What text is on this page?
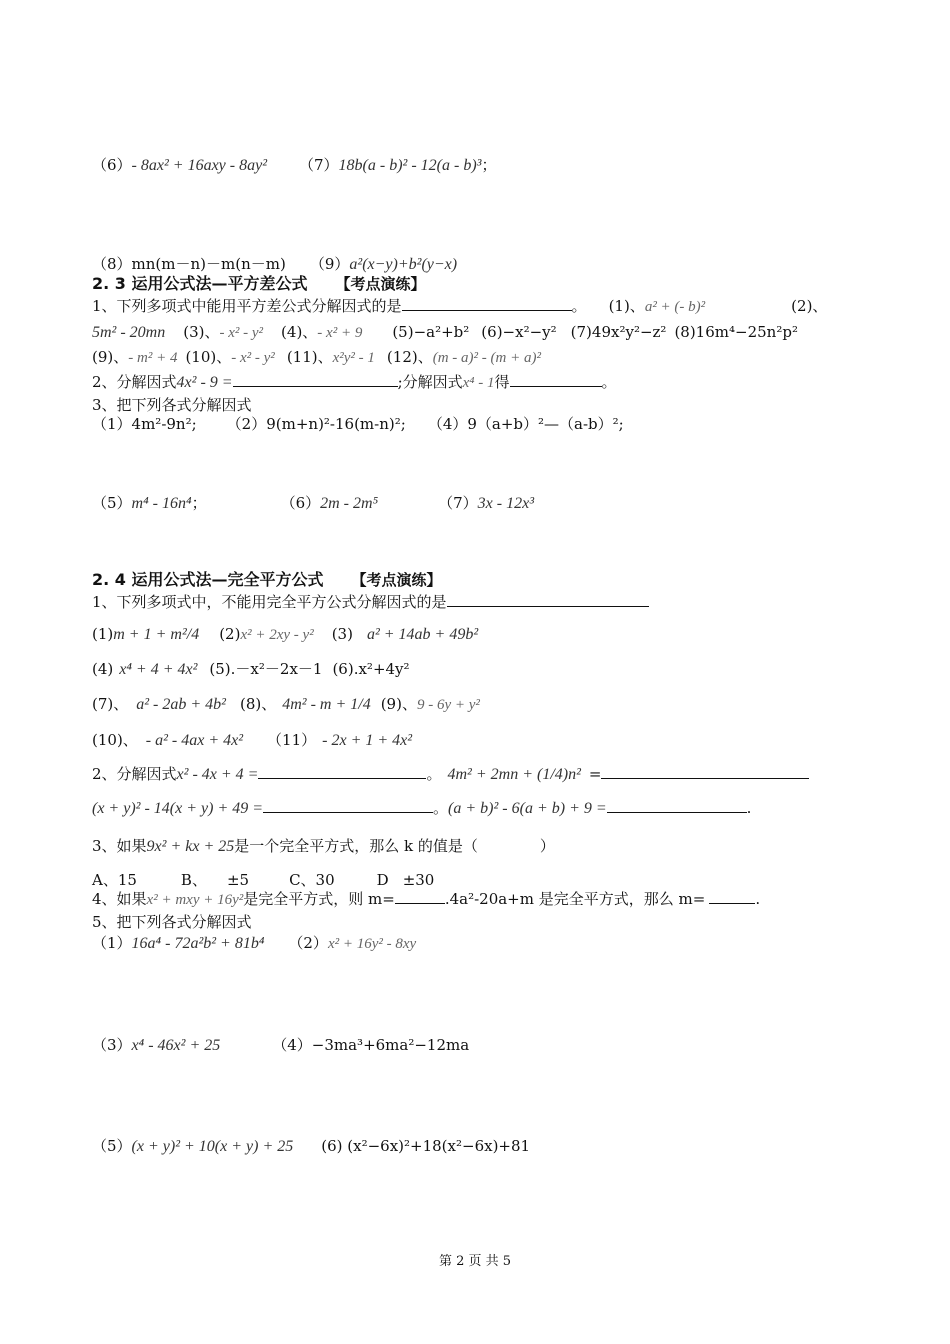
（6）- 8ax² + 16axy - 8ay² （7）18b(a - b)² - 12(a - b)³；
（8）mn(m－n)－m(n－m) （9）a²(x−y)+b²(y−x)
2. 3 运用公式法—平方差公式 【考点演练】
1、下列多项式中能用平方差公式分解因式的是	。 (1)、a² + (- b)²	(2)、
5m² - 20mn (3)、- x² - y² (4)、- x² + 9 (5)−a²+b² (6)−x²−y² (7)49x²y²−z² (8)16m⁴−25n²p²
(9)、- m² + 4 (10)、- x² - y² (11)、x²y² - 1 (12)、(m - a)² - (m + a)²
2、分解因式4x² - 9 =	;分解因式x⁴ - 1得	。
3、把下列各式分解因式
（1）4m²-9n²; （2）9(m+n)²-16(m-n)²; （4）9（a+b）²—（a-b）²;
（5）m⁴ - 16n⁴；	（6）2m - 2m⁵	（7）3x - 12x³
2. 4 运用公式法—完全平方公式 【考点演练】
1、下列多项式中，不能用完全平方公式分解因式的是
(1)m + 1 + m²/4 (2)x² + 2xy - y² (3) a² + 14ab + 49b²
(4) x⁴ + 4 + 4x² (5).－x²－2x－1 (6).x²+4y²
(7)、 a² - 2ab + 4b² (8)、 4m² - m + 1/4 (9)、9 - 6y + y²
(10)、 - a² - 4ax + 4x² （11） - 2x + 1 + 4x²
2、分解因式x² - 4x + 4 =	。 4m² + 2mn + (1/4)n² =
(x + y)² - 14(x + y) + 49 =	。(a + b)² - 6(a + b) + 9 =	.
3、如果9x² + kx + 25是一个完全平方式，那么 k 的值是（	）
A、15	B、 ±5	C、30	D ±30
4、如果x² + mxy + 16y²是完全平方式，则 m=	.4a²-20a+m 是完全平方式，那么 m=	.
5、把下列各式分解因式
（1）16a⁴ - 72a²b² + 81b⁴ （2）x² + 16y² - 8xy
（3）x⁴ - 46x² + 25	（4）−3ma³+6ma²−12ma
（5）(x + y)² + 10(x + y) + 25 (6) (x²−6x)²+18(x²−6x)+81
第 2 页 共 5
